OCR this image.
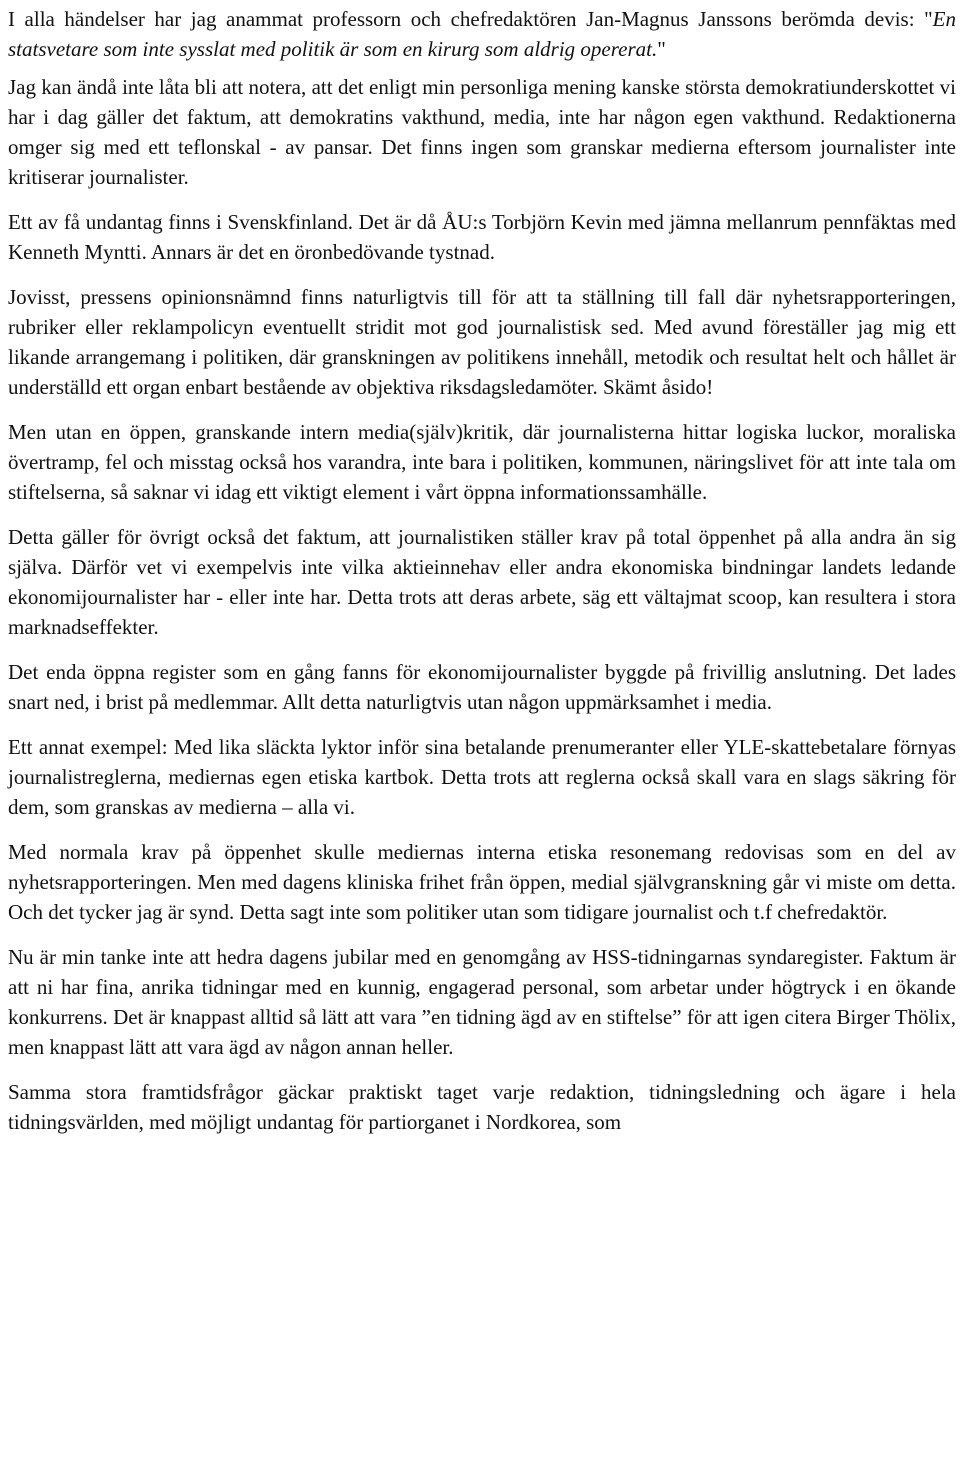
I alla händelser har jag anammat professorn och chefredaktören Jan-Magnus Janssons berömda devis: "En statsvetare som inte sysslat med politik är som en kirurg som aldrig opererat."

Jag kan ändå inte låta bli att notera, att det enligt min personliga mening kanske största demokratiunderskottet vi har i dag gäller det faktum, att demokratins vakthund, media, inte har någon egen vakthund. Redaktionerna omger sig med ett teflonskal - av pansar. Det finns ingen som granskar medierna eftersom journalister inte kritiserar journalister.

Ett av få undantag finns i Svenskfinland. Det är då ÅU:s Torbjörn Kevin med jämna mellanrum pennfäktas med Kenneth Myntti. Annars är det en öronbedövande tystnad.

Jovisst, pressens opinionsnämnd finns naturligtvis till för att ta ställning till fall där nyhetsrapporteringen, rubriker eller reklampolicyn eventuellt stridit mot god journalistisk sed. Med avund föreställer jag mig ett likande arrangemang i politiken, där granskningen av politikens innehåll, metodik och resultat helt och hållet är underställd ett organ enbart bestående av objektiva riksdagsledamöter. Skämt åsido!

Men utan en öppen, granskande intern media(själv)kritik, där journalisterna hittar logiska luckor, moraliska övertramp, fel och misstag också hos varandra, inte bara i politiken, kommunen, näringslivet för att inte tala om stiftelserna, så saknar vi idag ett viktigt element i vårt öppna informationssamhälle.

Detta gäller för övrigt också det faktum, att journalistiken ställer krav på total öppenhet på alla andra än sig själva. Därför vet vi exempelvis inte vilka aktieinnehav eller andra ekonomiska bindningar landets ledande ekonomijournalister har - eller inte har. Detta trots att deras arbete, säg ett vältajmat scoop, kan resultera i stora marknadseffekter.

Det enda öppna register som en gång fanns för ekonomijournalister byggde på frivillig anslutning. Det lades snart ned, i brist på medlemmar. Allt detta naturligtvis utan någon uppmärksamhet i media.

Ett annat exempel: Med lika släckta lyktor inför sina betalande prenumeranter eller YLE-skattebetalare förnyas journalistreglerna, mediernas egen etiska kartbok. Detta trots att reglerna också skall vara en slags säkring för dem, som granskas av medierna – alla vi.

Med normala krav på öppenhet skulle mediernas interna etiska resonemang redovisas som en del av nyhetsrapporteringen. Men med dagens kliniska frihet från öppen, medial självgranskning går vi miste om detta. Och det tycker jag är synd. Detta sagt inte som politiker utan som tidigare journalist och t.f chefredaktör.

Nu är min tanke inte att hedra dagens jubilar med en genomgång av HSS-tidningarnas syndaregister. Faktum är att ni har fina, anrika tidningar med en kunnig, engagerad personal, som arbetar under högtryck i en ökande konkurrens. Det är knappast alltid så lätt att vara ”en tidning ägd av en stiftelse” för att igen citera Birger Thölix, men knappast lätt att vara ägd av någon annan heller.

Samma stora framtidsfrågor gäckar praktiskt taget varje redaktion, tidningsledning och ägare i hela tidningsvärlden, med möjligt undantag för partiorganet i Nordkorea, som
